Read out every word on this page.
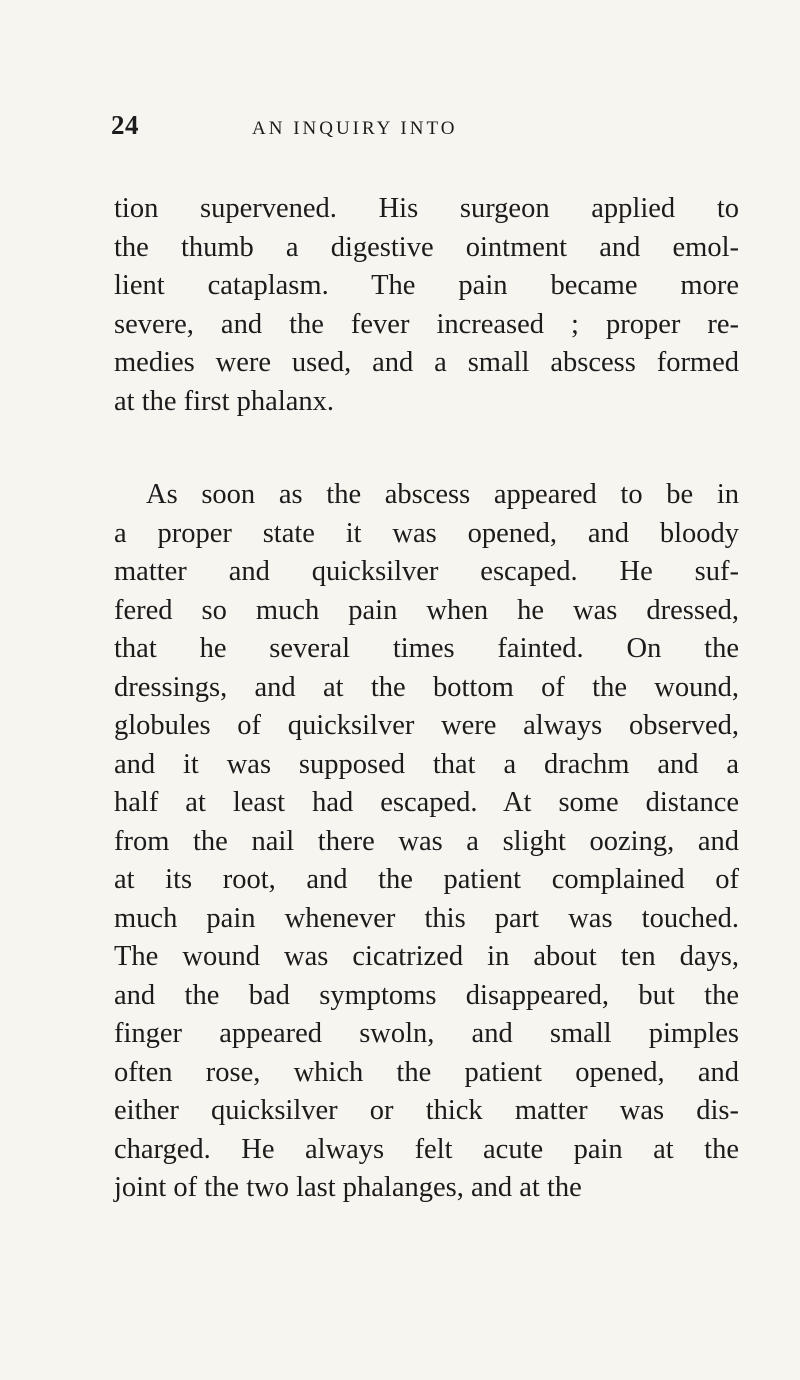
24	AN INQUIRY INTO

tion supervened. His surgeon applied to
the thumb a digestive ointment and emol-
lient cataplasm. The pain became more
severe, and the fever increased ; proper re-
medies were used, and a small abscess formed
at the first phalanx.

As soon as the abscess appeared to be in
a proper state it was opened, and bloody
matter and quicksilver escaped. He suf-
fered so much pain when he was dressed,
that he several times fainted. On the
dressings, and at the bottom of the wound,
globules of quicksilver were always observed,
and it was supposed that a drachm and a
half at least had escaped. At some distance
from the nail there was a slight oozing, and
at its root, and the patient complained of
much pain whenever this part was touched.
The wound was cicatrized in about ten days,
and the bad symptoms disappeared, but the
finger appeared swoln, and small pimples
often rose, which the patient opened, and
either quicksilver or thick matter was dis-
charged. He always felt acute pain at the
joint of the two last phalanges, and at the
